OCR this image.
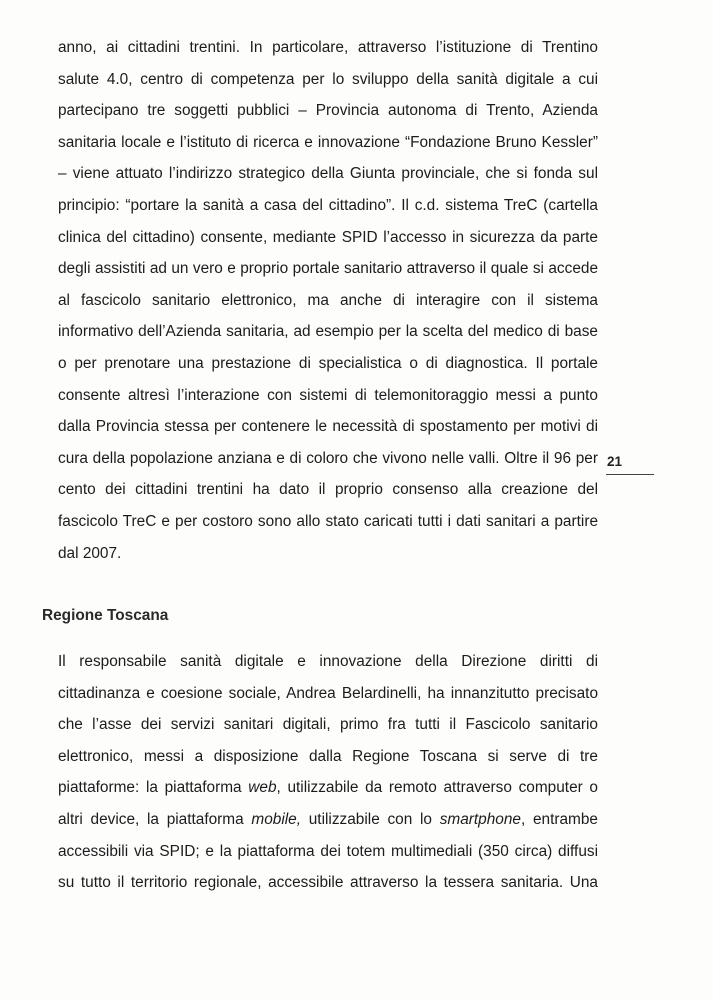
anno, ai cittadini trentini. In particolare, attraverso l’istituzione di Trentino
salute 4.0, centro di competenza per lo sviluppo della sanità digitale a cui
partecipano tre soggetti pubblici – Provincia autonoma di Trento, Azienda
sanitaria locale e l’istituto di ricerca e innovazione “Fondazione Bruno Kessler”
– viene attuato l’indirizzo strategico della Giunta provinciale, che si fonda sul
principio: “portare la sanità a casa del cittadino”. Il c.d. sistema TreC (cartella
clinica del cittadino) consente, mediante SPID l’accesso in sicurezza da parte
degli assistiti ad un vero e proprio portale sanitario attraverso il quale si accede
al fascicolo sanitario elettronico, ma anche di interagire con il sistema
informativo dell’Azienda sanitaria, ad esempio per la scelta del medico di base
o per prenotare una prestazione di specialistica o di diagnostica. Il portale
consente altresì l’interazione con sistemi di telemonitoraggio messi a punto
dalla Provincia stessa per contenere le necessità di spostamento per motivi di
cura della popolazione anziana e di coloro che vivono nelle valli. Oltre il 96 per
cento dei cittadini trentini ha dato il proprio consenso alla creazione del
fascicolo TreC e per costoro sono allo stato caricati tutti i dati sanitari a partire
dal 2007.
21
Regione Toscana
Il responsabile sanità digitale e innovazione della Direzione diritti di
cittadinanza e coesione sociale, Andrea Belardinelli, ha innanzitutto precisato
che l’asse dei servizi sanitari digitali, primo fra tutti il Fascicolo sanitario
elettronico, messi a disposizione dalla Regione Toscana si serve di tre
piattaforme: la piattaforma web, utilizzabile da remoto attraverso computer o
altri device, la piattaforma mobile, utilizzabile con lo smartphone, entrambe
accessibili via SPID; e la piattaforma dei totem multimediali (350 circa) diffusi
su tutto il territorio regionale, accessibile attraverso la tessera sanitaria. Una
